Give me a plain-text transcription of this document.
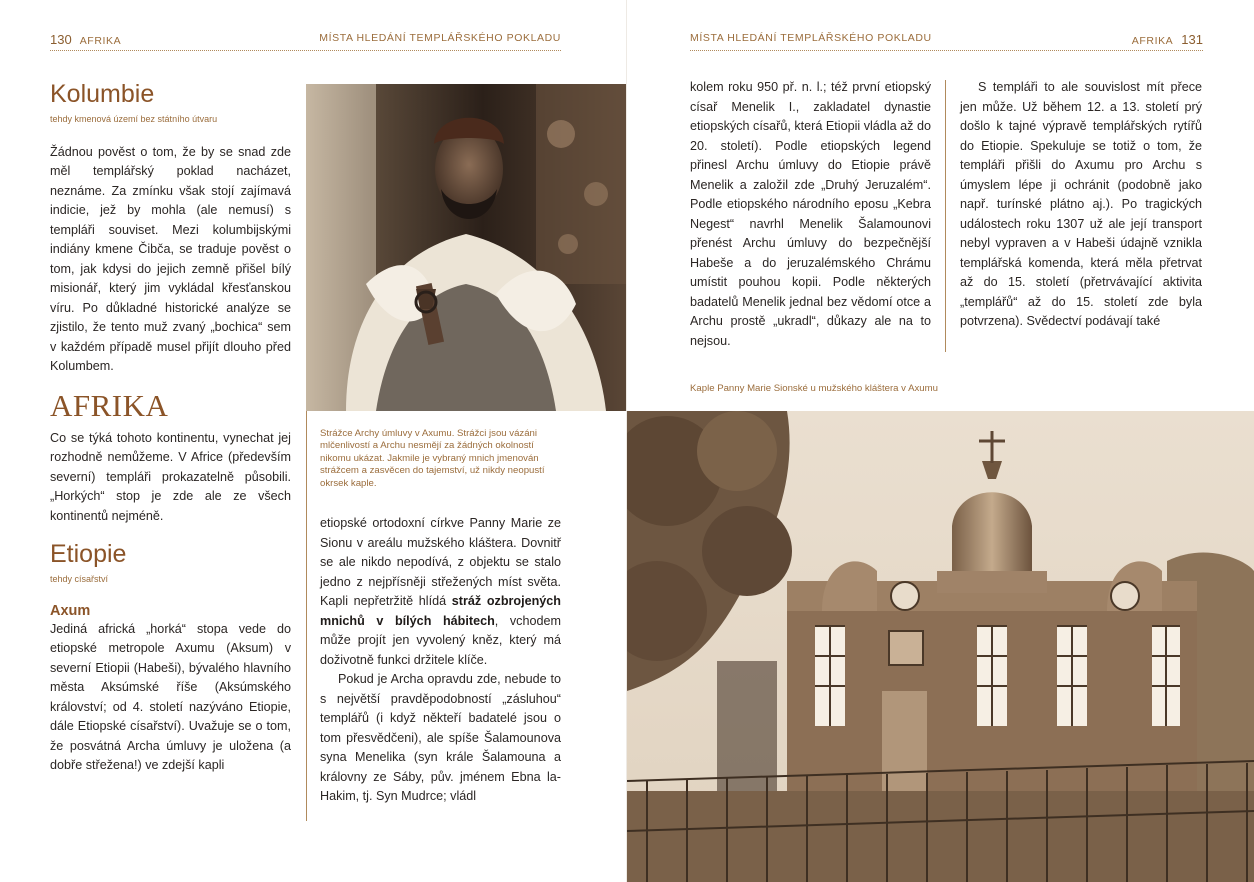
130 AFRIKA	MÍSTA HLEDÁNÍ TEMPLÁŘSKÉHO POKLADU
Kolumbie
tehdy kmenová území bez státního útvaru

Žádnou pověst o tom, že by se snad zde měl templářský poklad nacházet, neznáme. Za zmínku však stojí zajímavá indicie, jež by mohla (ale nemusí) s templáři souviset. Mezi kolumbijskými indiány kmene Čibča, se traduje pověst o tom, jak kdysi do jejich zemně přišel bílý misionář, který jim vykládal křesťanskou víru. Po důkladné historické analýze se zjistilo, že tento muž zvaný „bochica“ sem v každém případě musel přijít dlouho před Kolumbem.

AFRIKA

Co se týká tohoto kontinentu, vynechat jej rozhodně nemůžeme. V Africe (především severní) templáři prokazatelně působili. „Horkých“ stop je zde ale ze všech kontinentů nejméně.

Etiopie
tehdy císařství
Axum

Jediná africká „horká“ stopa vede do etiopské metropole Axumu (Aksum) v severní Etiopii (Habeši), bývalého hlavního města Aksúmské říše (Aksúmského království; od 4. století nazýváno Etiopie, dále Etiopské císařství). Uvažuje se o tom, že posvátná Archa úmluvy je uložena (a dobře střežena!) ve zdejší kapli

Strážce Archy úmluvy v Axumu. Strážci jsou vázáni mlčenlivostí a Archu nesmějí za žádných okolností nikomu ukázat. Jakmile je vybraný mnich jmenován strážcem a zasvěcen do tajemství, už nikdy neopustí okrsek kaple.

etiopské ortodoxní církve Panny Marie ze Sionu v areálu mužského kláštera. Dovnitř se ale nikdo nepodívá, z objektu se stalo jedno z nejpřísněji střežených míst světa. Kapli nepřetržitě hlídá stráž ozbrojených mnichů v bílých hábitech, vchodem může projít jen vyvolený kněz, který má doživotně funkci držitele klíče.

Pokud je Archa opravdu zde, nebude to s největší pravděpodobností „zásluhou“ templářů (i když někteří badatelé jsou o tom přesvědčeni), ale spíše Šalamounova syna Menelika (syn krále Šalamouna a královny ze Sáby, pův. jménem Ebna la-Hakim, tj. Syn Mudrce; vládl

MÍSTA HLEDÁNÍ TEMPLÁŘSKÉHO POKLADU	AFRIKA 131

kolem roku 950 př. n. l.; též první etiopský císař Menelik I., zakladatel dynastie etiopských císařů, která Etiopii vládla až do 20. století). Podle etiopských legend přinesl Archu úmluvy do Etiopie právě Menelik a založil zde „Druhý Jeruzalém“. Podle etiopského národního eposu „Kebra Negest“ navrhl Menelik Šalamounovi přenést Archu úmluvy do bezpečnější Habeše a do jeruzalémského Chrámu umístit pouhou kopii. Podle některých badatelů Menelik jednal bez vědomí otce a Archu prostě „ukradl“, důkazy ale na to nejsou.

S templáři to ale souvislost mít přece jen může. Už během 12. a 13. století prý došlo k tajné výpravě templářských rytířů do Etiopie. Spekuluje se totiž o tom, že templáři přišli do Axumu pro Archu s úmyslem lépe ji ochránit (podobně jako např. turínské plátno aj.). Po tragických událostech roku 1307 už ale její transport nebyl vypraven a v Habeši údajně vznikla templářská komenda, která měla přetrvat až do 15. století (přetrvávající aktivita „templářů“ až do 15. století zde byla potvrzena). Svědectví podávají také

Kaple Panny Marie Sionské u mužského kláštera v Axumu
